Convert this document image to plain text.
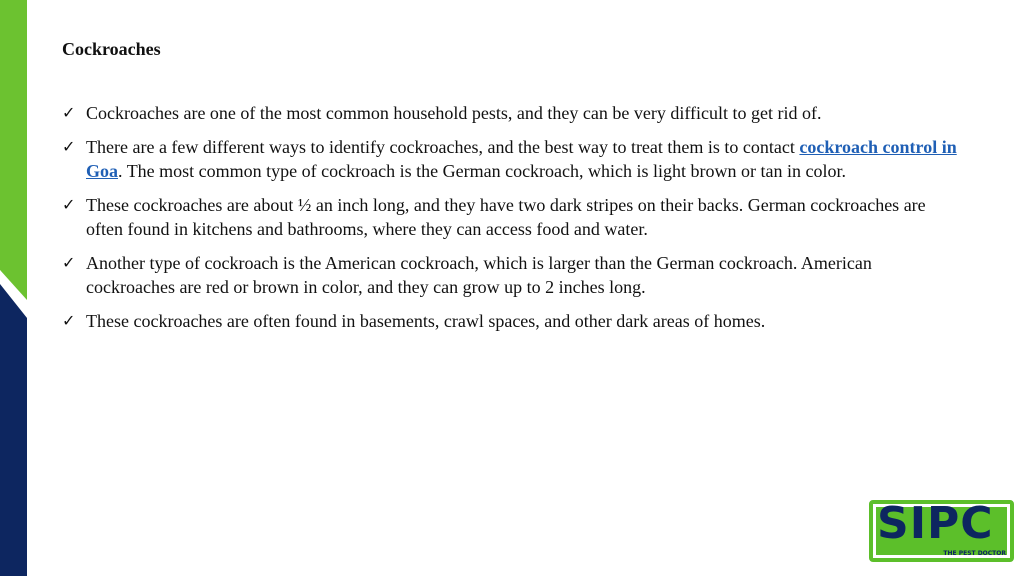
Cockroaches
✓ Cockroaches are one of the most common household pests, and they can be very difficult to get rid of.
✓ There are a few different ways to identify cockroaches, and the best way to treat them is to contact cockroach control in Goa. The most common type of cockroach is the German cockroach, which is light brown or tan in color.
✓ These cockroaches are about ½ an inch long, and they have two dark stripes on their backs. German cockroaches are often found in kitchens and bathrooms, where they can access food and water.
✓ Another type of cockroach is the American cockroach, which is larger than the German cockroach. American cockroaches are red or brown in color, and they can grow up to 2 inches long.
✓ These cockroaches are often found in basements, crawl spaces, and other dark areas of homes.
SIPC
THE PEST DOCTOR
